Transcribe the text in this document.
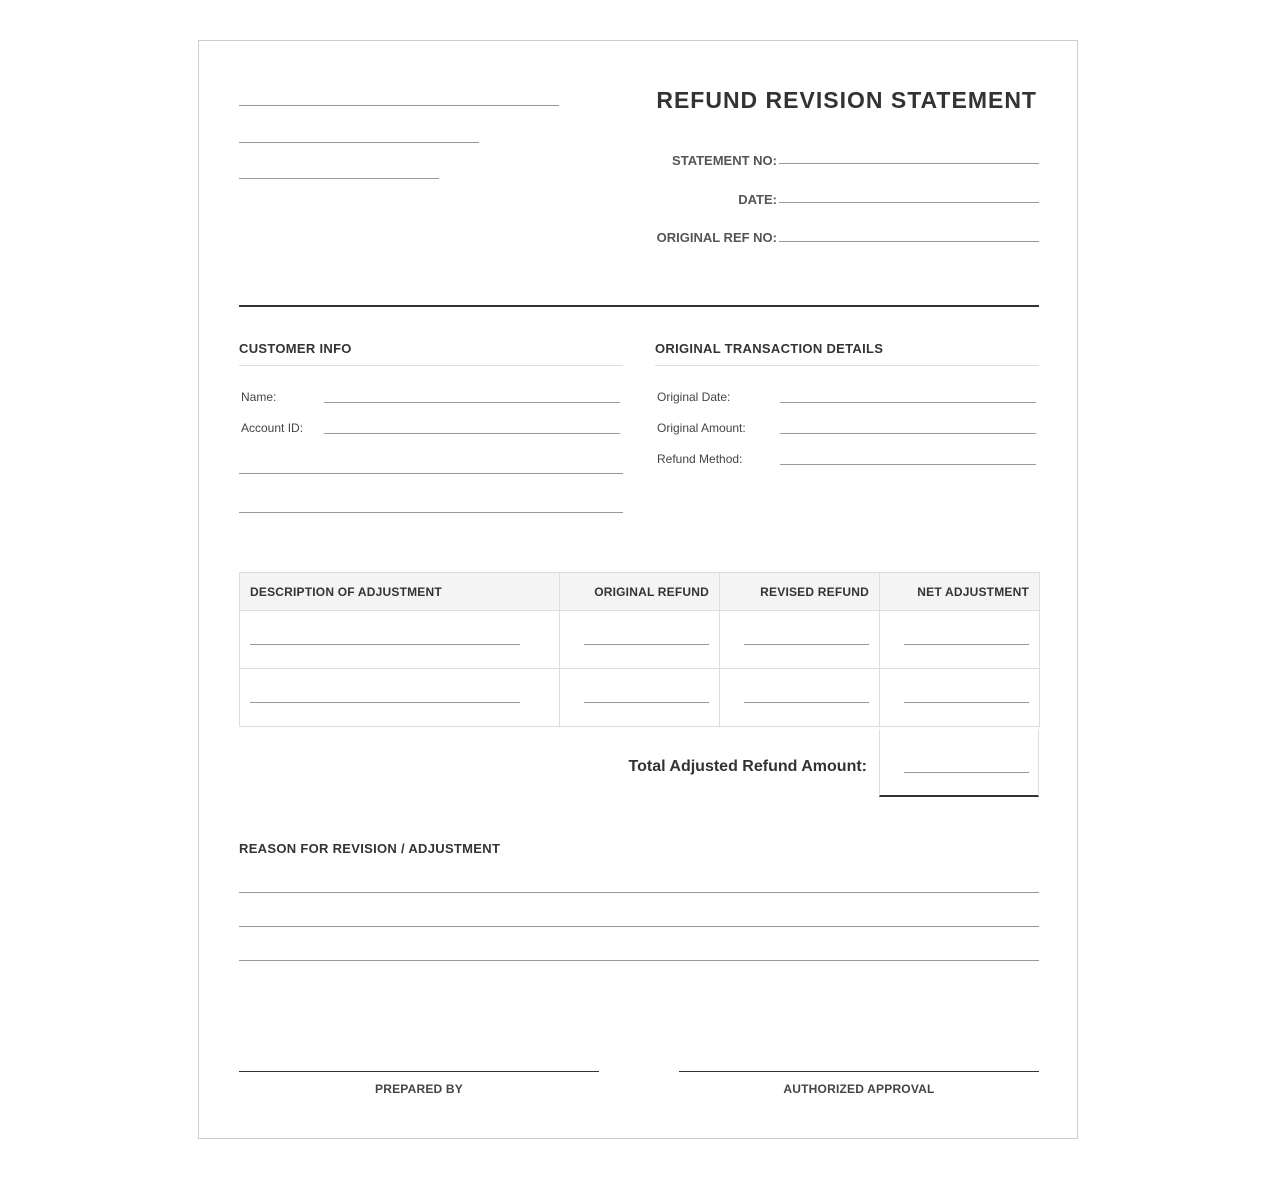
REFUND REVISION STATEMENT
STATEMENT NO:
DATE:
ORIGINAL REF NO:
CUSTOMER INFO
Name:
Account ID:
ORIGINAL TRANSACTION DETAILS
Original Date:
Original Amount:
Refund Method:
DESCRIPTION OF ADJUSTMENT	ORIGINAL REFUND	REVISED REFUND	NET ADJUSTMENT

Total Adjusted Refund Amount:
REASON FOR REVISION / ADJUSTMENT
PREPARED BY	AUTHORIZED APPROVAL
